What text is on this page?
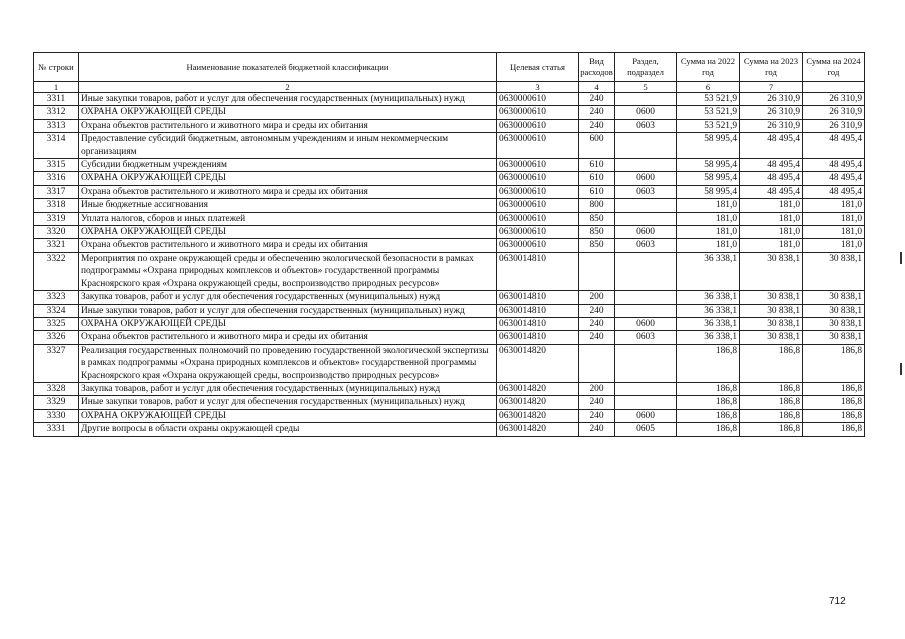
№ строки	Наименование показателей бюджетной классификации	Целевая статья	Вид расходов	Раздел, подраздел	Сумма на 2022 год	Сумма на 2023 год	Сумма на 2024 год
1	2	3	4	5	6	7	
3311	Иные закупки товаров, работ и услуг для обеспечения государственных (муниципальных) нужд	0630000610	240		53 521,9	26 310,9	26 310,9
3312	ОХРАНА ОКРУЖАЮЩЕЙ СРЕДЫ	0630000610	240	0600	53 521,9	26 310,9	26 310,9
3313	Охрана объектов растительного и животного мира и среды их обитания	0630000610	240	0603	53 521,9	26 310,9	26 310,9
3314	Предоставление субсидий бюджетным, автономным учреждениям и иным некоммерческим организациям	0630000610	600		58 995,4	48 495,4	48 495,4
3315	Субсидии бюджетным учреждениям	0630000610	610		58 995,4	48 495,4	48 495,4
3316	ОХРАНА ОКРУЖАЮЩЕЙ СРЕДЫ	0630000610	610	0600	58 995,4	48 495,4	48 495,4
3317	Охрана объектов растительного и животного мира и среды их обитания	0630000610	610	0603	58 995,4	48 495,4	48 495,4
3318	Иные бюджетные ассигнования	0630000610	800		181,0	181,0	181,0
3319	Уплата налогов, сборов и иных платежей	0630000610	850		181,0	181,0	181,0
3320	ОХРАНА ОКРУЖАЮЩЕЙ СРЕДЫ	0630000610	850	0600	181,0	181,0	181,0
3321	Охрана объектов растительного и животного мира и среды их обитания	0630000610	850	0603	181,0	181,0	181,0
3322	Мероприятия по охране окружающей среды и обеспечению экологической безопасности в рамках подпрограммы «Охрана природных комплексов и объектов» государственной программы Красноярского края «Охрана окружающей среды, воспроизводство природных ресурсов»	0630014810			36 338,1	30 838,1	30 838,1
3323	Закупка товаров, работ и услуг для обеспечения государственных (муниципальных) нужд	0630014810	200		36 338,1	30 838,1	30 838,1
3324	Иные закупки товаров, работ и услуг для обеспечения государственных (муниципальных) нужд	0630014810	240		36 338,1	30 838,1	30 838,1
3325	ОХРАНА ОКРУЖАЮЩЕЙ СРЕДЫ	0630014810	240	0600	36 338,1	30 838,1	30 838,1
3326	Охрана объектов растительного и животного мира и среды их обитания	0630014810	240	0603	36 338,1	30 838,1	30 838,1
3327	Реализация государственных полномочий по проведению государственной экологической экспертизы в рамках подпрограммы «Охрана природных комплексов и объектов» государственной программы Красноярского края «Охрана окружающей среды, воспроизводство природных ресурсов»	0630014820			186,8	186,8	186,8
3328	Закупка товаров, работ и услуг для обеспечения государственных (муниципальных) нужд	0630014820	200		186,8	186,8	186,8
3329	Иные закупки товаров, работ и услуг для обеспечения государственных (муниципальных) нужд	0630014820	240		186,8	186,8	186,8
3330	ОХРАНА ОКРУЖАЮЩЕЙ СРЕДЫ	0630014820	240	0600	186,8	186,8	186,8
3331	Другие вопросы в области охраны окружающей среды	0630014820	240	0605	186,8	186,8	186,8
712
